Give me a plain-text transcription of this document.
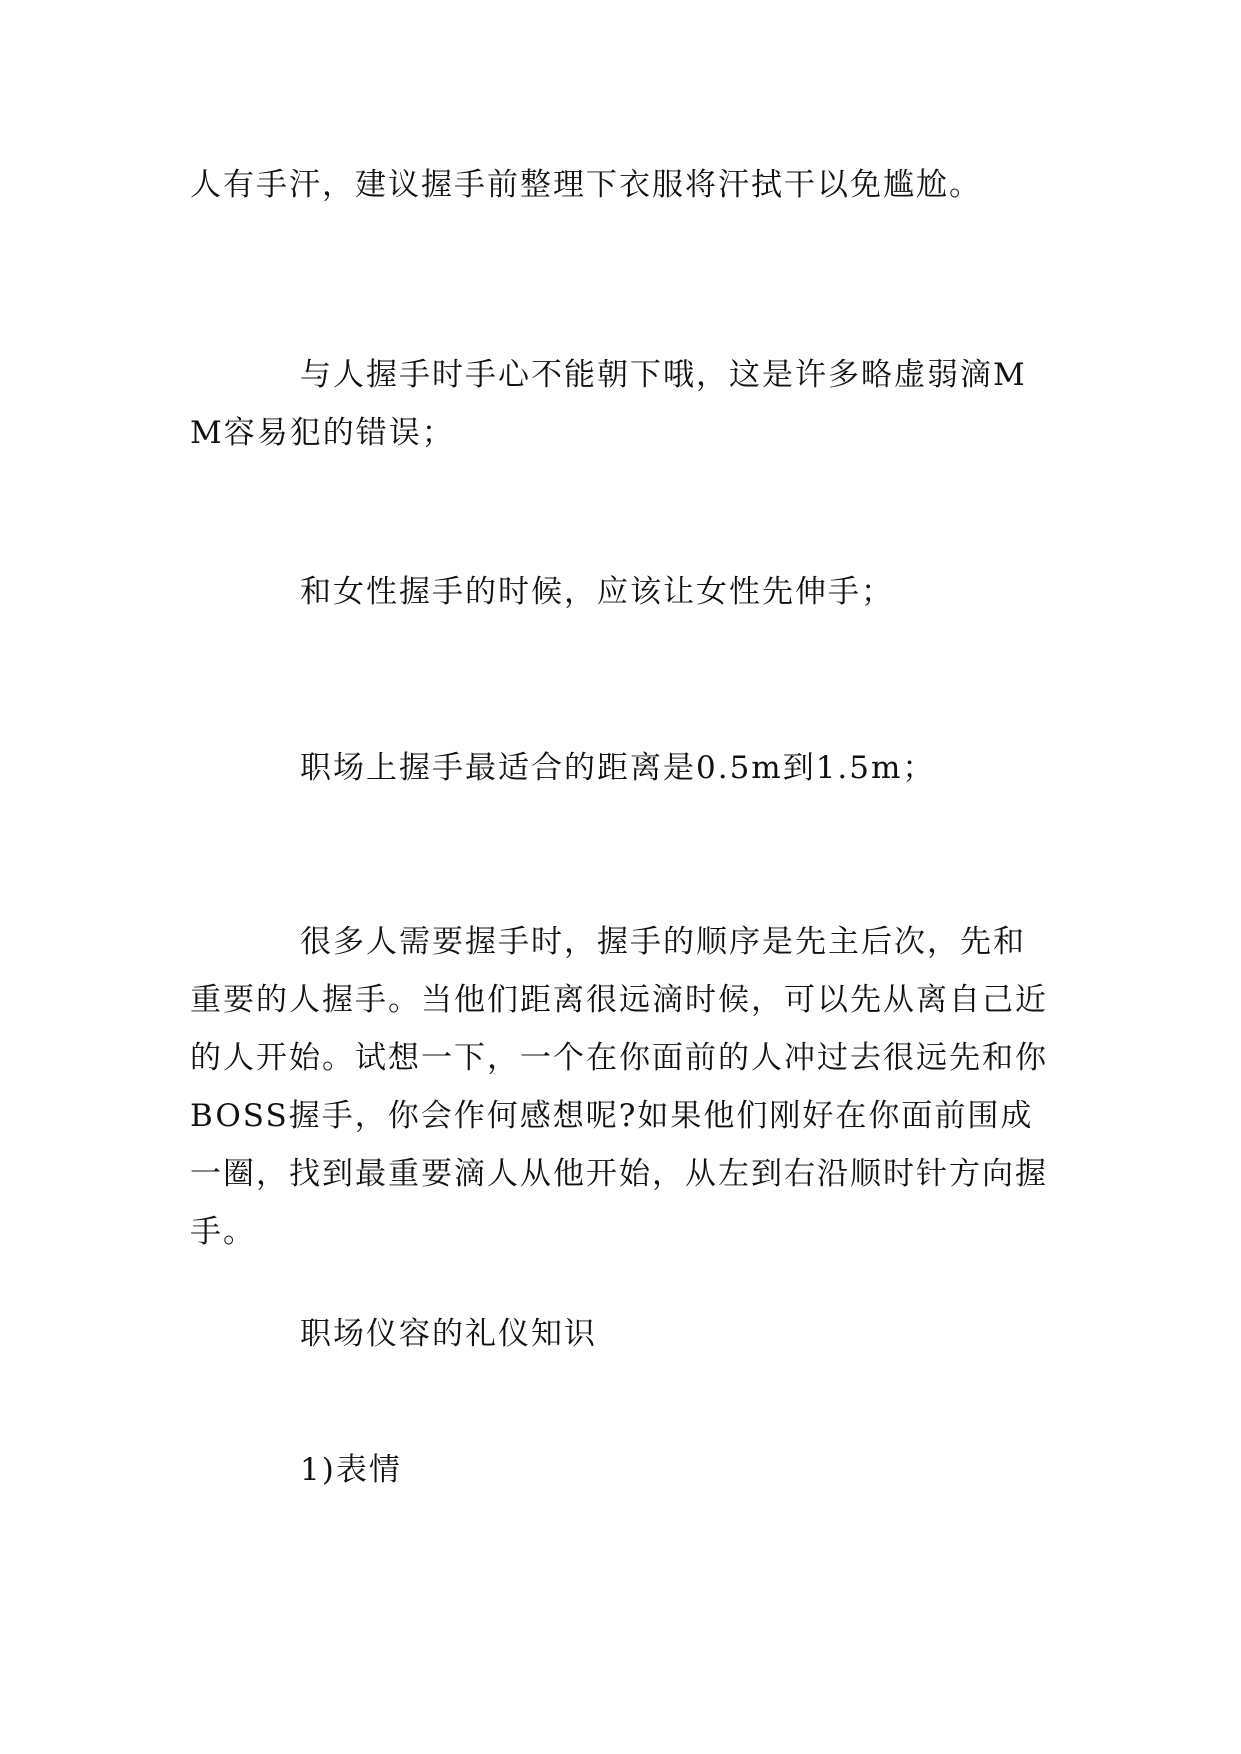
人有手汗，建议握手前整理下衣服将汗拭干以免尴尬。

与人握手时手心不能朝下哦，这是许多略虚弱滴MM容易犯的错误；

和女性握手的时候，应该让女性先伸手；

职场上握手最适合的距离是0.5m到1.5m；

很多人需要握手时，握手的顺序是先主后次，先和重要的人握手。当他们距离很远滴时候，可以先从离自己近的人开始。试想一下，一个在你面前的人冲过去很远先和你BOSS握手，你会作何感想呢?如果他们刚好在你面前围成一圈，找到最重要滴人从他开始，从左到右沿顺时针方向握手。

职场仪容的礼仪知识

1)表情
